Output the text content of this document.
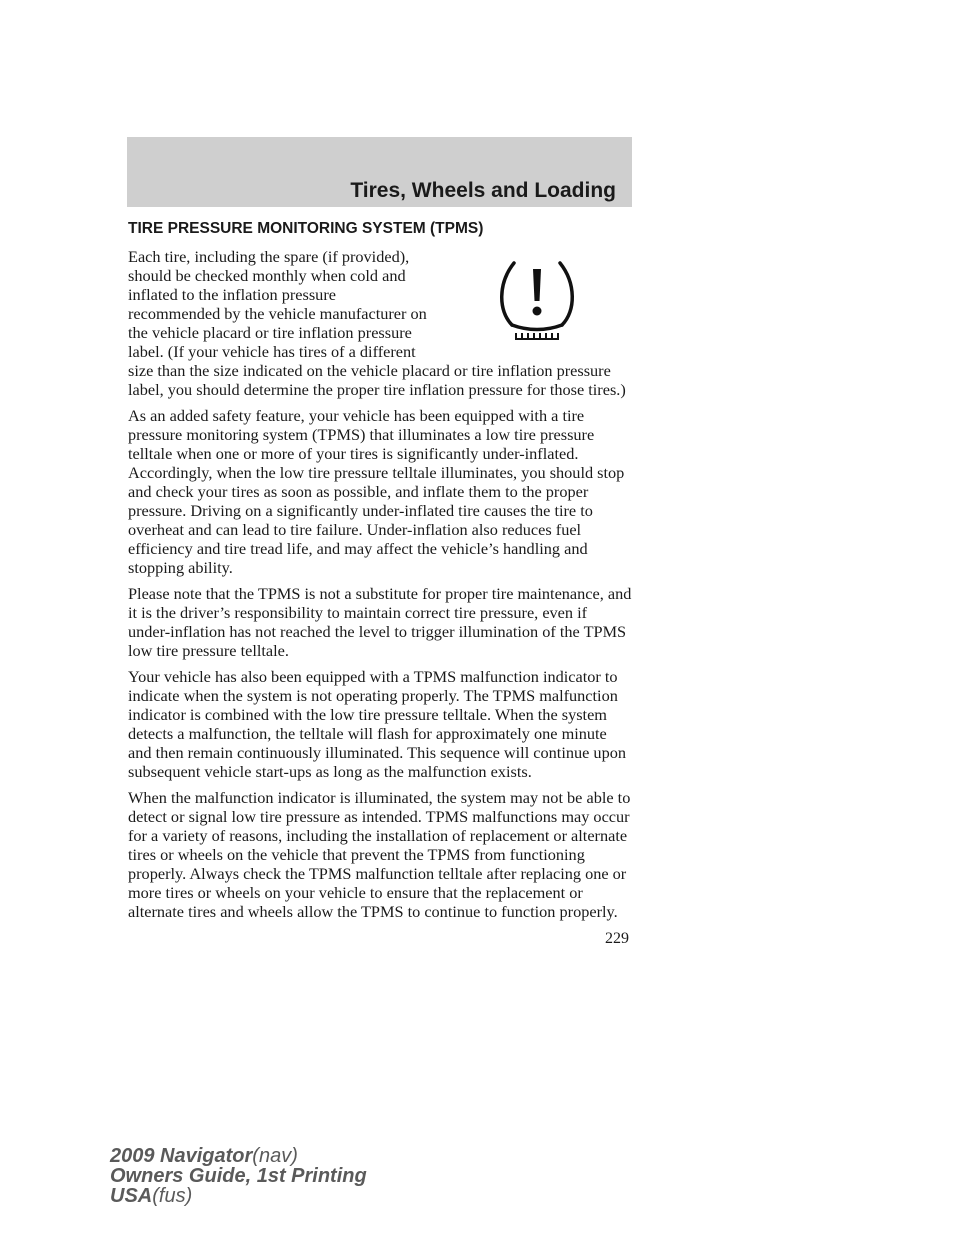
Tires, Wheels and Loading
TIRE PRESSURE MONITORING SYSTEM (TPMS)

Each tire, including the spare (if provided), should be checked monthly when cold and inflated to the inflation pressure recommended by the vehicle manufacturer on the vehicle placard or tire inflation pressure label. (If your vehicle has tires of a different size than the size indicated on the vehicle placard or tire inflation pressure label, you should determine the proper tire inflation pressure for those tires.)

As an added safety feature, your vehicle has been equipped with a tire pressure monitoring system (TPMS) that illuminates a low tire pressure telltale when one or more of your tires is significantly under-inflated. Accordingly, when the low tire pressure telltale illuminates, you should stop and check your tires as soon as possible, and inflate them to the proper pressure. Driving on a significantly under-inflated tire causes the tire to overheat and can lead to tire failure. Under-inflation also reduces fuel efficiency and tire tread life, and may affect the vehicle’s handling and stopping ability.

Please note that the TPMS is not a substitute for proper tire maintenance, and it is the driver’s responsibility to maintain correct tire pressure, even if under-inflation has not reached the level to trigger illumination of the TPMS low tire pressure telltale.

Your vehicle has also been equipped with a TPMS malfunction indicator to indicate when the system is not operating properly. The TPMS malfunction indicator is combined with the low tire pressure telltale. When the system detects a malfunction, the telltale will flash for approximately one minute and then remain continuously illuminated. This sequence will continue upon subsequent vehicle start-ups as long as the malfunction exists.

When the malfunction indicator is illuminated, the system may not be able to detect or signal low tire pressure as intended. TPMS malfunctions may occur for a variety of reasons, including the installation of replacement or alternate tires or wheels on the vehicle that prevent the TPMS from functioning properly. Always check the TPMS malfunction telltale after replacing one or more tires or wheels on your vehicle to ensure that the replacement or alternate tires and wheels allow the TPMS to continue to function properly.

229
2009 Navigator(nav)
Owners Guide, 1st Printing
USA(fus)
